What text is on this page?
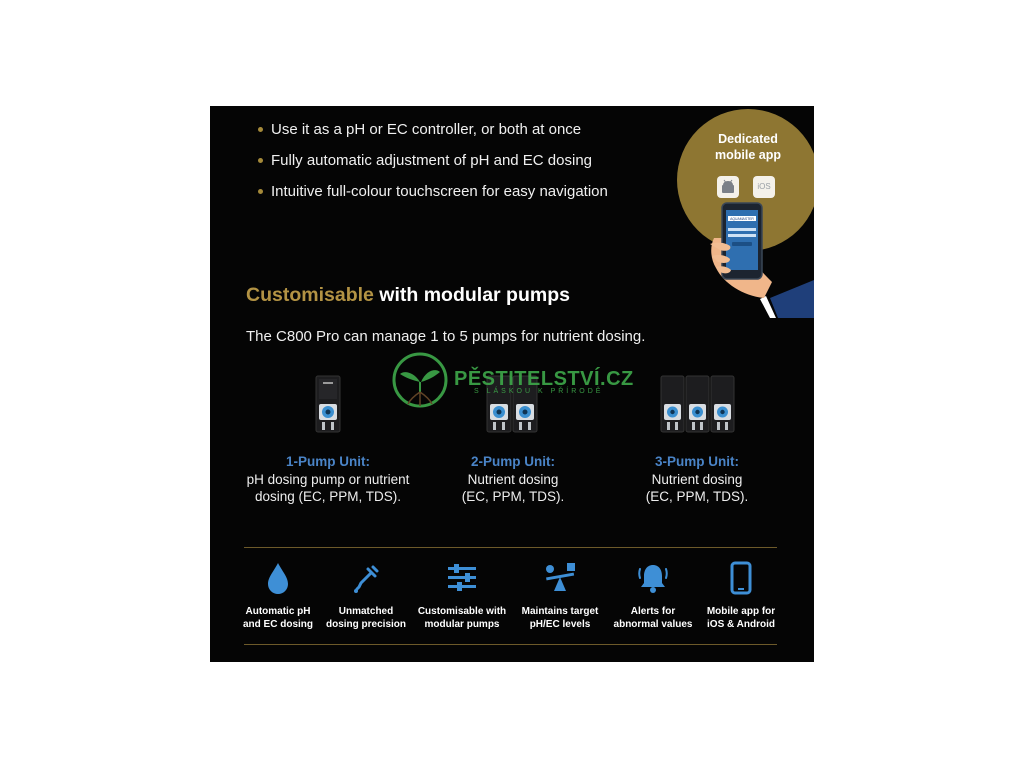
Use it as a pH or EC controller, or both at once
Fully automatic adjustment of pH and EC dosing
Intuitive full-colour touchscreen for easy navigation
Dedicated
mobile app
iOS
AQUAMASTER
Customisable with modular pumps
The C800 Pro can manage 1 to 5 pumps for nutrient dosing.
1-Pump Unit:
pH dosing pump or nutrient
dosing (EC, PPM, TDS).
2-Pump Unit:
Nutrient dosing
(EC, PPM, TDS).
3-Pump Unit:
Nutrient dosing
(EC, PPM, TDS).
Automatic pH
and EC dosing
Unmatched
dosing precision
Customisable with
modular pumps
Maintains target
pH/EC levels
Alerts for
abnormal values
Mobile app for
iOS & Android
PĚSTITELSTVÍ.CZ
S LÁSKOU K PŘÍRODĚ
